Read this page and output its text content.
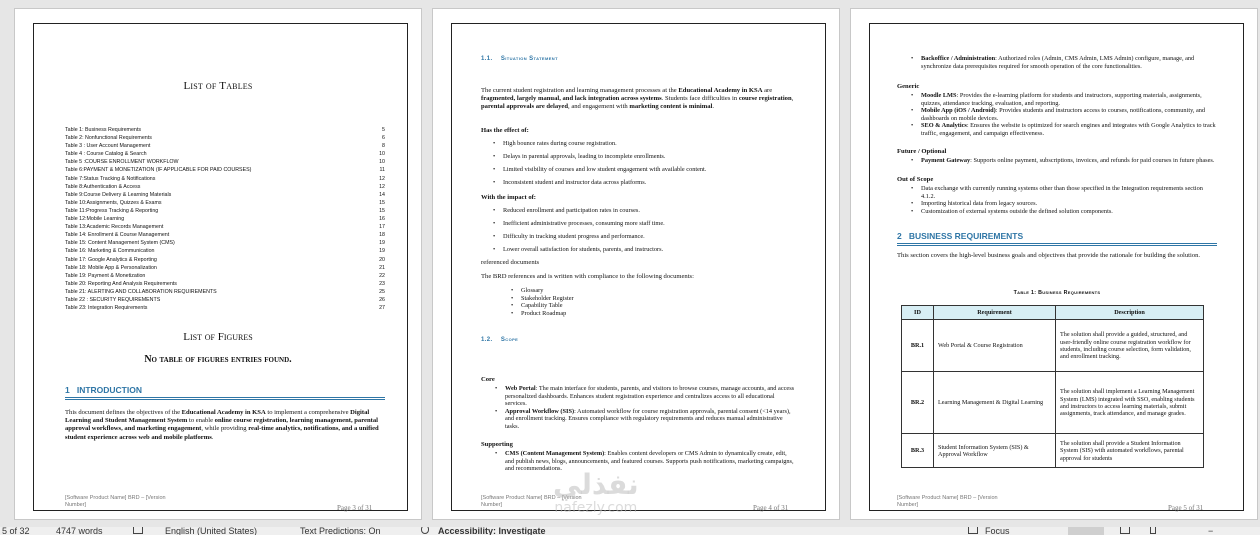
List of Tables
Table 1: Business Requirements	5
Table 2: Nonfunctional Requirements	6
Table 3 : User Account Management	8
Table 4 : Course Catalog & Search	10
Table 5 :COURSE ENROLLMENT WORKFLOW	10
Table 6:PAYMENT & MONETIZATION (IF APPLICABLE FOR PAID COURSES)	11
Table 7:Status Tracking & Notifications	12
Table 8:Authentication & Access	12
Table 9:Course Delivery & Learning Materials	14
Table 10:Assignments, Quizzes & Exams	15
Table 11:Progress Tracking & Reporting	15
Table 12:Mobile Learning	16
Table 13:Academic Records Management	17
Table 14: Enrollment & Course Management	18
Table 15: Content Management System (CMS)	19
Table 16: Marketing & Communication	19
Table 17: Google Analytics & Reporting	20
Table 18: Mobile App & Personalization	21
Table 19: Payment & Monetization	22
Table 20: Reporting And Analysis Requirements	23
Table 21: ALERTING AND COLLABORATION REQUIREMENTS	25
Table 22 : SECURITY REQUIREMENTS	26
Table 23: Integration Requirements	27
List of Figures
No table of figures entries found.
1 INTRODUCTION
This document defines the objectives of the Educational Academy in KSA to implement a comprehensive Digital Learning and Student Management System to enable online course registration, learning management, parental approval workflows, and marketing engagement, while providing real-time analytics, notifications, and a unified student experience across web and mobile platforms.
[Software Product Name] BRD – [Version Number]	Page 3 of 31
1.1. Situation Statement
The current student registration and learning management processes at the Educational Academy in KSA are fragmented, largely manual, and lack integration across systems. Students face difficulties in course registration, parental approvals are delayed, and engagement with marketing content is minimal.
Has the effect of:
• High bounce rates during course registration.
• Delays in parental approvals, leading to incomplete enrollments.
• Limited visibility of courses and low student engagement with available content.
• Inconsistent student and instructor data across platforms.
With the impact of:
• Reduced enrollment and participation rates in courses.
• Inefficient administrative processes, consuming more staff time.
• Difficulty in tracking student progress and performance.
• Lower overall satisfaction for students, parents, and instructors.
referenced documents
The BRD references and is written with compliance to the following documents:
• Glossary
• Stakeholder Register
• Capability Table
• Product Roadmap
1.2. Scope
Core
• Web Portal: The main interface for students, parents, and visitors to browse courses, manage accounts, and access personalized dashboards. Enhances student registration experience and centralizes access to all educational services.
• Approval Workflow (SIS): Automated workflow for course registration approvals, parental consent (<14 years), and enrollment tracking. Ensures compliance with regulatory requirements and reduces manual administrative tasks.
Supporting
• CMS (Content Management System): Enables content developers or CMS Admin to dynamically create, edit, and publish news, blogs, announcements, and featured courses. Supports push notifications, marketing campaigns, and recommendations.
[Software Product Name] BRD – [Version Number]	Page 4 of 31
• Backoffice / Administration: Authorized roles (Admin, CMS Admin, LMS Admin) configure, manage, and synchronize data prerequisites required for smooth operation of the core functionalities.
Generic
• Moodle LMS: Provides the e-learning platform for students and instructors, supporting materials, assignments, quizzes, attendance tracking, evaluation, and reporting.
• Mobile App (iOS / Android): Provides students and instructors access to courses, notifications, community, and dashboards on mobile devices.
• SEO & Analytics: Ensures the website is optimized for search engines and integrates with Google Analytics to track traffic, engagement, and campaign effectiveness.
Future / Optional
• Payment Gateway: Supports online payment, subscriptions, invoices, and refunds for paid courses in future phases.
Out of Scope
• Data exchange with currently running systems other than those specified in the Integration requirements section 4.1.2.
• Importing historical data from legacy sources.
• Customization of external systems outside the defined solution components.
2 BUSINESS REQUIREMENTS
This section covers the high-level business goals and objectives that provide the rationale for building the solution.
Table 1: Business Requirements
ID	Requirement	Description
BR.1	Web Portal & Course Registration	The solution shall provide a guided, structured, and user-friendly online course registration workflow for students, including course selection, form validation, and enrollment tracking.
BR.2	Learning Management & Digital Learning	The solution shall implement a Learning Management System (LMS) integrated with SSO, enabling students and instructors to access learning materials, submit assignments, track attendance, and manage grades.
BR.3	Student Information System (SIS) & Approval Workflow	The solution shall provide a Student Information System (SIS) with automated workflows, parental approval for students
[Software Product Name] BRD – [Version Number]	Page 5 of 31
نفذلي
nafezly.com
5 of 32	4747 words	English (United States)	Text Predictions: On	Accessibility: Investigate	Focus	−
